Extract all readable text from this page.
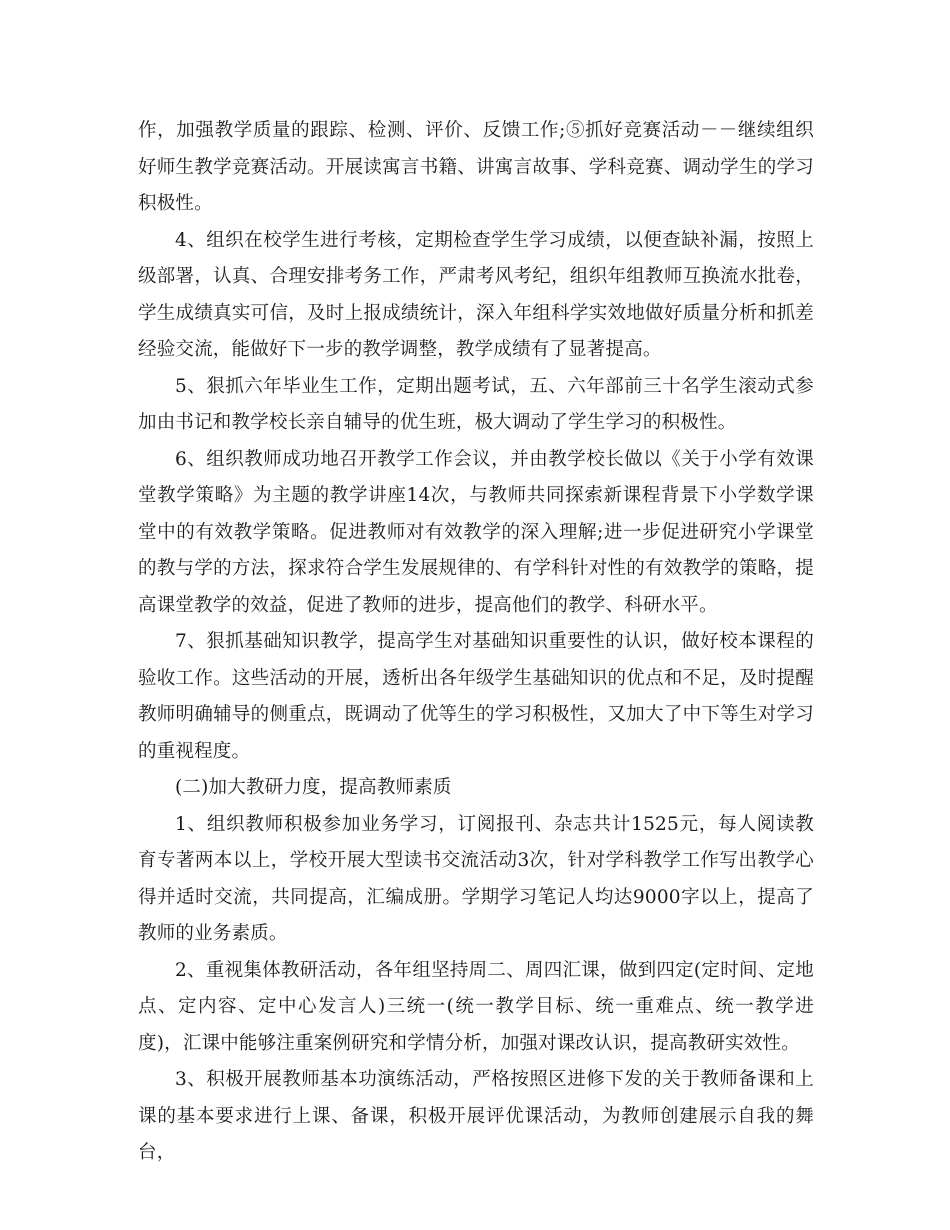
作，加强教学质量的跟踪、检测、评价、反馈工作;⑤抓好竞赛活动－－继续组织好师生教学竞赛活动。开展读寓言书籍、讲寓言故事、学科竞赛、调动学生的学习积极性。

4、组织在校学生进行考核，定期检查学生学习成绩，以便查缺补漏，按照上级部署，认真、合理安排考务工作，严肃考风考纪，组织年组教师互换流水批卷，学生成绩真实可信，及时上报成绩统计，深入年组科学实效地做好质量分析和抓差经验交流，能做好下一步的教学调整，教学成绩有了显著提高。

5、狠抓六年毕业生工作，定期出题考试，五、六年部前三十名学生滚动式参加由书记和教学校长亲自辅导的优生班，极大调动了学生学习的积极性。

6、组织教师成功地召开教学工作会议，并由教学校长做以《关于小学有效课堂教学策略》为主题的教学讲座14次，与教师共同探索新课程背景下小学数学课堂中的有效教学策略。促进教师对有效教学的深入理解;进一步促进研究小学课堂的教与学的方法，探求符合学生发展规律的、有学科针对性的有效教学的策略，提高课堂教学的效益，促进了教师的进步，提高他们的教学、科研水平。

7、狠抓基础知识教学，提高学生对基础知识重要性的认识，做好校本课程的验收工作。这些活动的开展，透析出各年级学生基础知识的优点和不足，及时提醒教师明确辅导的侧重点，既调动了优等生的学习积极性，又加大了中下等生对学习的重视程度。

(二)加大教研力度，提高教师素质

1、组织教师积极参加业务学习，订阅报刊、杂志共计1525元，每人阅读教育专著两本以上，学校开展大型读书交流活动3次，针对学科教学工作写出教学心得并适时交流，共同提高，汇编成册。学期学习笔记人均达9000字以上，提高了教师的业务素质。

2、重视集体教研活动，各年组坚持周二、周四汇课，做到四定(定时间、定地点、定内容、定中心发言人)三统一(统一教学目标、统一重难点、统一教学进度)，汇课中能够注重案例研究和学情分析，加强对课改认识，提高教研实效性。

3、积极开展教师基本功演练活动，严格按照区进修下发的关于教师备课和上课的基本要求进行上课、备课，积极开展评优课活动，为教师创建展示自我的舞台，
